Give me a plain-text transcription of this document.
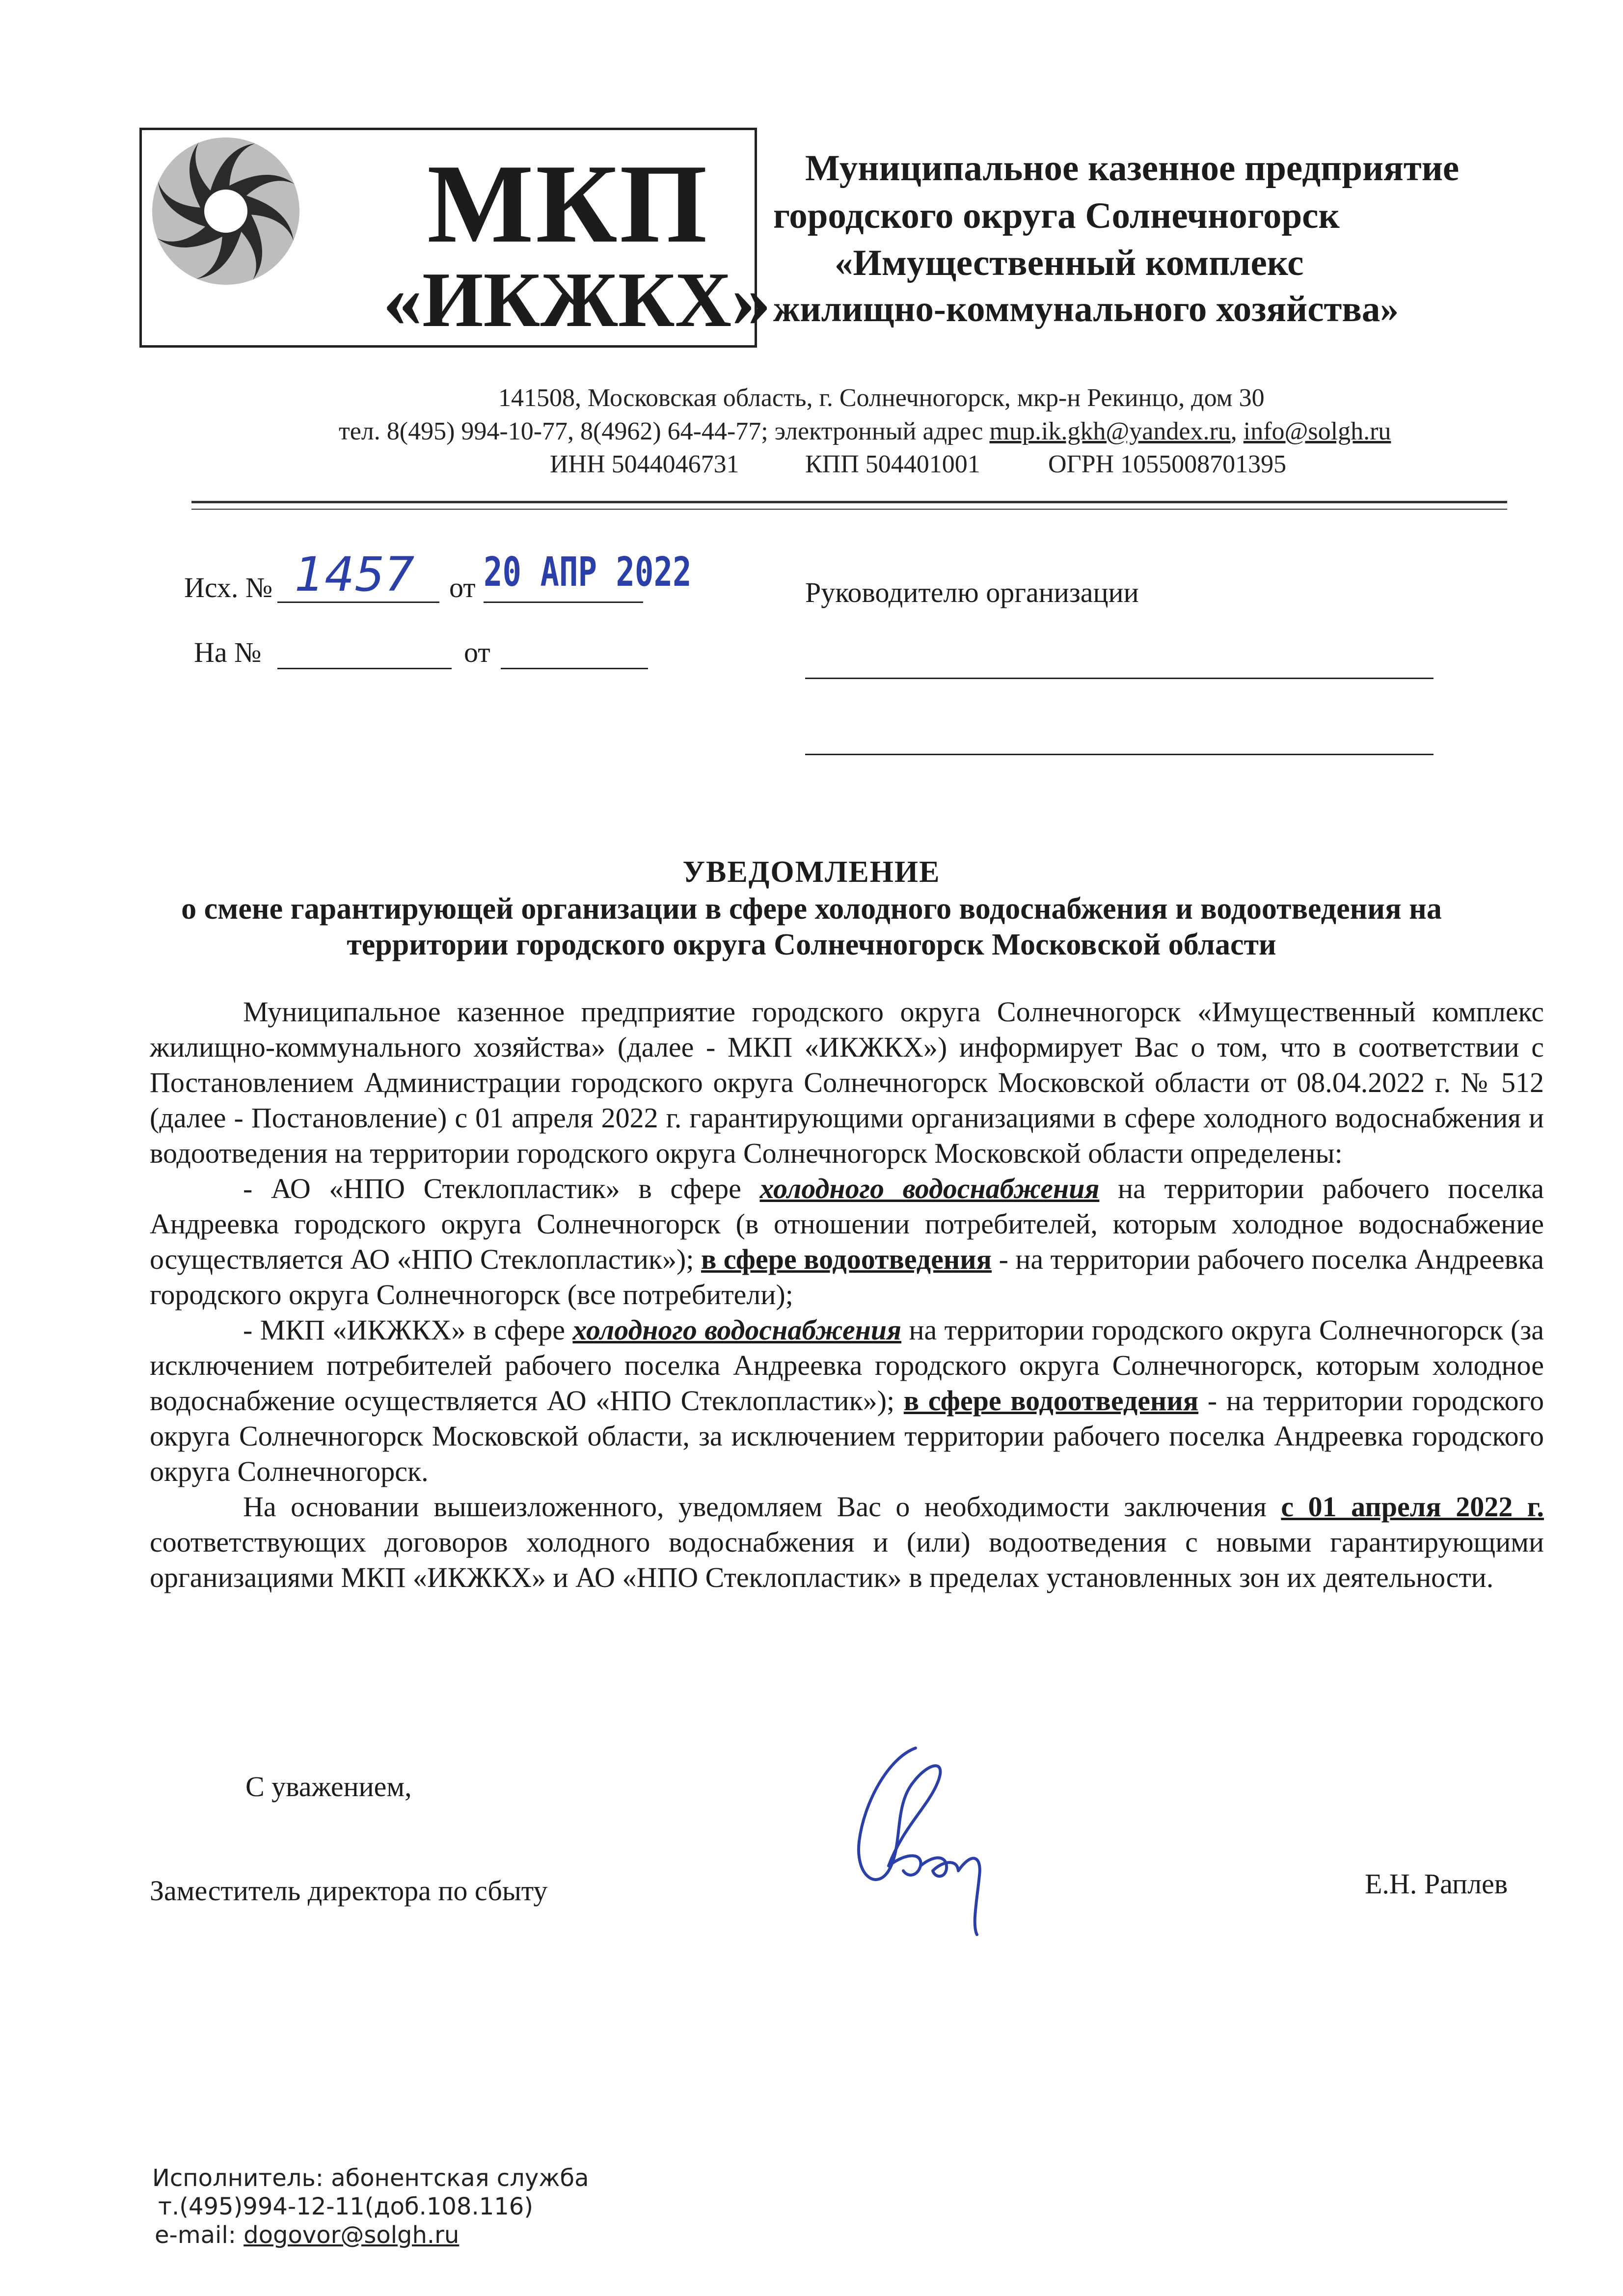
МКП
«ИКЖКХ»
Муниципальное казенное предприятие
городского округа Солнечногорск
«Имущественный комплекс
жилищно-коммунального хозяйства»
141508, Московская область, г. Солнечногорск, мкр-н Рекинцо, дом 30
тел. 8(495) 994-10-77, 8(4962) 64-44-77; электронный адрес mup.ik.gkh@yandex.ru, info@solgh.ru
ИНН 5044046731	КПП 504401001	ОГРН 1055008701395
Исх. № 1457 от 20 АПР 2022
На №	от
Руководителю организации
УВЕДОМЛЕНИЕ
о смене гарантирующей организации в сфере холодного водоснабжения и водоотведения на
территории городского округа Солнечногорск Московской области

Муниципальное казенное предприятие городского округа Солнечногорск «Имущественный комплекс жилищно-коммунального хозяйства» (далее - МКП «ИКЖКХ») информирует Вас о том, что в соответствии с Постановлением Администрации городского округа Солнечногорск Московской области от 08.04.2022 г. № 512 (далее - Постановление) с 01 апреля 2022 г. гарантирующими организациями в сфере холодного водоснабжения и водоотведения на территории городского округа Солнечногорск Московской области определены:

- АО «НПО Стеклопластик» в сфере холодного водоснабжения на территории рабочего поселка Андреевка городского округа Солнечногорск (в отношении потребителей, которым холодное водоснабжение осуществляется АО «НПО Стеклопластик»); в сфере водоотведения - на территории рабочего поселка Андреевка городского округа Солнечногорск (все потребители);

- МКП «ИКЖКХ» в сфере холодного водоснабжения на территории городского округа Солнечногорск (за исключением потребителей рабочего поселка Андреевка городского округа Солнечногорск, которым холодное водоснабжение осуществляется АО «НПО Стеклопластик»); в сфере водоотведения - на территории городского округа Солнечногорск Московской области, за исключением территории рабочего поселка Андреевка городского округа Солнечногорск.

На основании вышеизложенного, уведомляем Вас о необходимости заключения с 01 апреля 2022 г. соответствующих договоров холодного водоснабжения и (или) водоотведения с новыми гарантирующими организациями МКП «ИКЖКХ» и АО «НПО Стеклопластик» в пределах установленных зон их деятельности.

С уважением,
Заместитель директора по сбыту	Е.Н. Раплев
Исполнитель: абонентская служба
т.(495)994-12-11(доб.108.116)
e-mail: dogovor@solgh.ru
